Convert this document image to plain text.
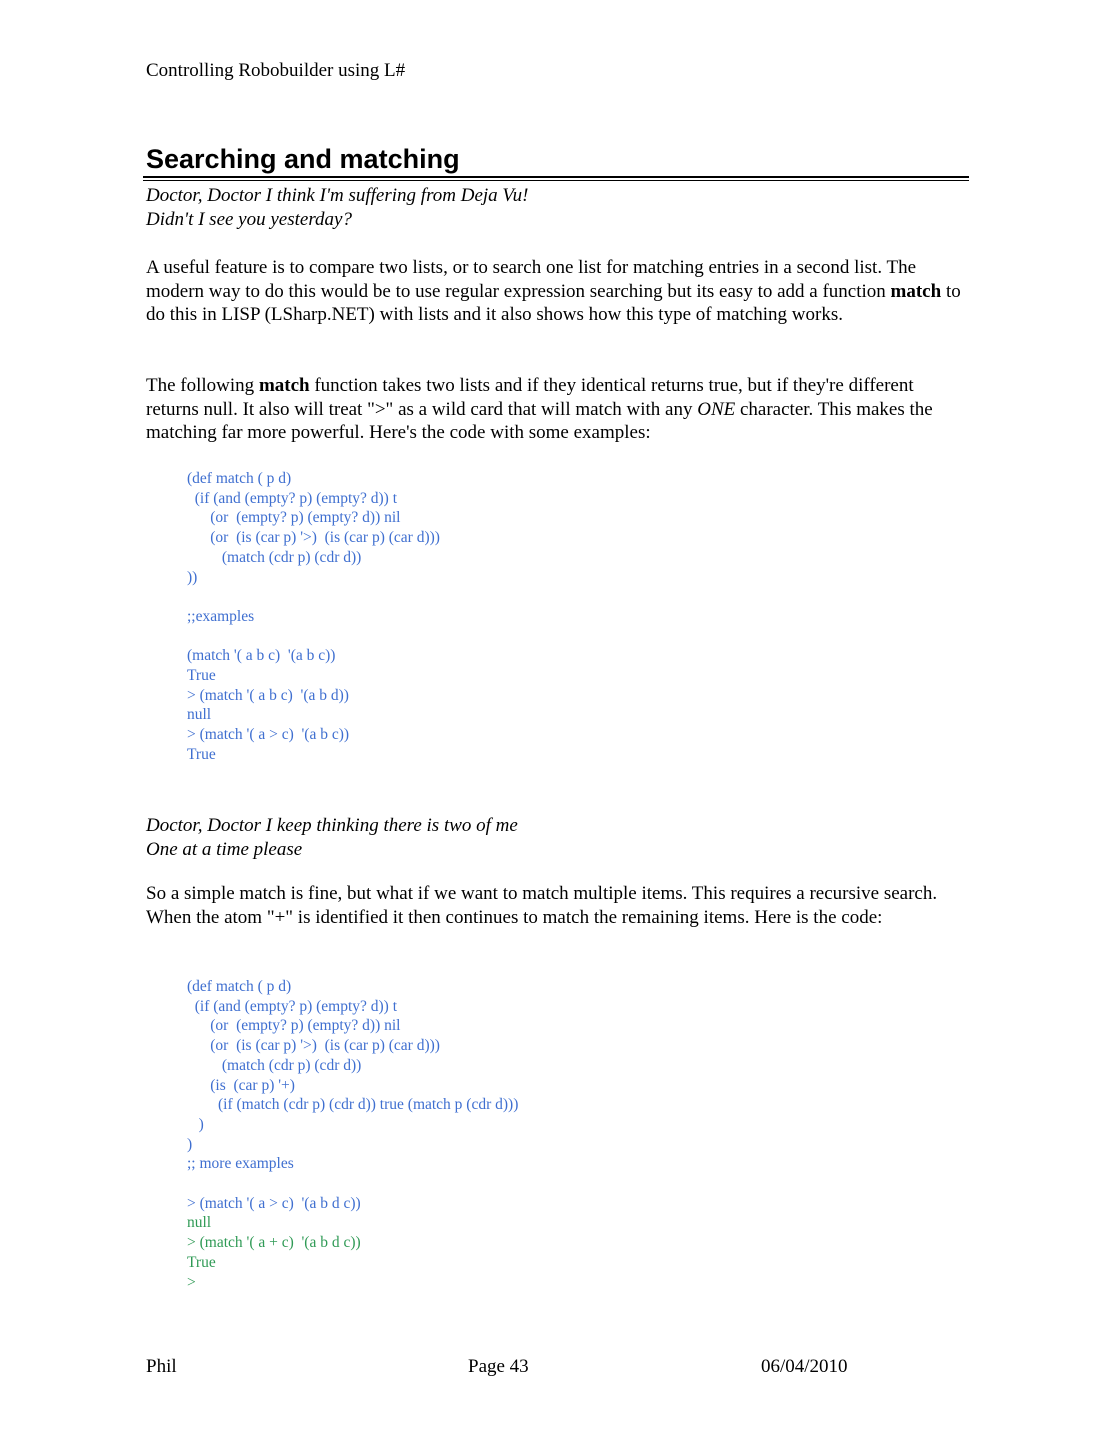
Controlling Robobuilder using L#
Searching and matching
Doctor, Doctor I think I'm suffering from Deja Vu!
Didn't I see you yesterday?
A useful feature is to compare two lists, or to search one list for matching entries in a second list. The modern way to do this would be to use regular expression searching but its easy to add a function match to do this in LISP (LSharp.NET) with lists and it also shows how this type of matching works.
The following match function takes two lists and if they identical returns true, but if they're different returns null. It also will treat ">" as a wild card that will match with any ONE character. This makes the matching far more powerful. Here's the code with some examples:
(def match ( p d)
(if (and (empty? p) (empty? d)) t
(or  (empty? p) (empty? d)) nil
(or  (is (car p) '>)  (is (car p) (car d)))
(match (cdr p) (cdr d))
))

;;examples

(match '( a b c)  '(a b c))
True
> (match '( a b c)  '(a b d))
null
> (match '( a > c)  '(a b c))
True
Doctor, Doctor I keep thinking there is two of me
One at a time please
So a simple match is fine, but what if we want to match multiple items. This requires a recursive search. When the atom "+" is identified it then continues to match the remaining items. Here is the code:
(def match ( p d)
(if (and (empty? p) (empty? d)) t
(or  (empty? p) (empty? d)) nil
(or  (is (car p) '>)  (is (car p) (car d)))
(match (cdr p) (cdr d))
(is  (car p) '+)
(if (match (cdr p) (cdr d)) true (match p (cdr d)))
)
)
;; more examples

> (match '( a > c)  '(a b d c))
null
> (match '( a + c)  '(a b d c))
True
>
Phil	Page 43	06/04/2010
